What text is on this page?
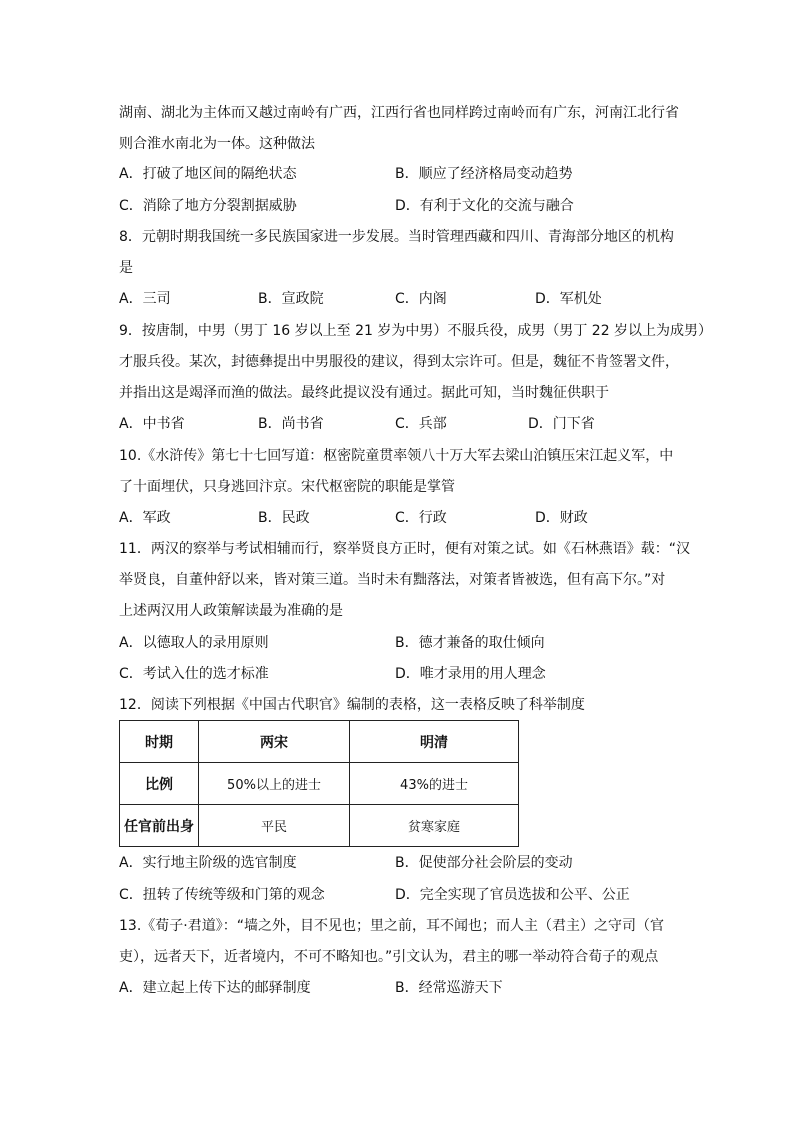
湖南、湖北为主体而又越过南岭有广西，江西行省也同样跨过南岭而有广东，河南江北行省
则合淮水南北为一体。这种做法
A．打破了地区间的隔绝状态	B．顺应了经济格局变动趋势
C．消除了地方分裂割据威胁	D．有利于文化的交流与融合
8．元朝时期我国统一多民族国家进一步发展。当时管理西藏和四川、青海部分地区的机构
是
A．三司	B．宣政院	C．内阁	D．军机处
9．按唐制，中男（男丁 16 岁以上至 21 岁为中男）不服兵役，成男（男丁 22 岁以上为成男）
才服兵役。某次，封德彝提出中男服役的建议，得到太宗许可。但是，魏征不肯签署文件，
并指出这是竭泽而渔的做法。最终此提议没有通过。据此可知，当时魏征供职于
A．中书省	B．尚书省	C．兵部	D．门下省
10.《水浒传》第七十七回写道：枢密院童贯率领八十万大军去梁山泊镇压宋江起义军，中
了十面埋伏，只身逃回汴京。宋代枢密院的职能是掌管
A．军政	B．民政	C．行政	D．财政
11．两汉的察举与考试相辅而行，察举贤良方正时，便有对策之试。如《石林燕语》载：“汉
举贤良，自董仲舒以来，皆对策三道。当时未有黜落法，对策者皆被选，但有高下尔。”对
上述两汉用人政策解读最为准确的是
A．以德取人的录用原则	B．德才兼备的取仕倾向
C．考试入仕的选才标准	D．唯才录用的用人理念
12．阅读下列根据《中国古代职官》编制的表格，这一表格反映了科举制度
时期	两宋	明清
比例	50%以上的进士	43%的进士
任官前出身	平民	贫寒家庭
A．实行地主阶级的选官制度	B．促使部分社会阶层的变动
C．扭转了传统等级和门第的观念	D．完全实现了官员选拔和公平、公正
13.《荀子·君道》：“墙之外，目不见也；里之前，耳不闻也；而人主（君主）之守司（官
吏），远者天下，近者境内，不可不略知也。”引文认为，君主的哪一举动符合荀子的观点
A．建立起上传下达的邮驿制度	B．经常巡游天下
